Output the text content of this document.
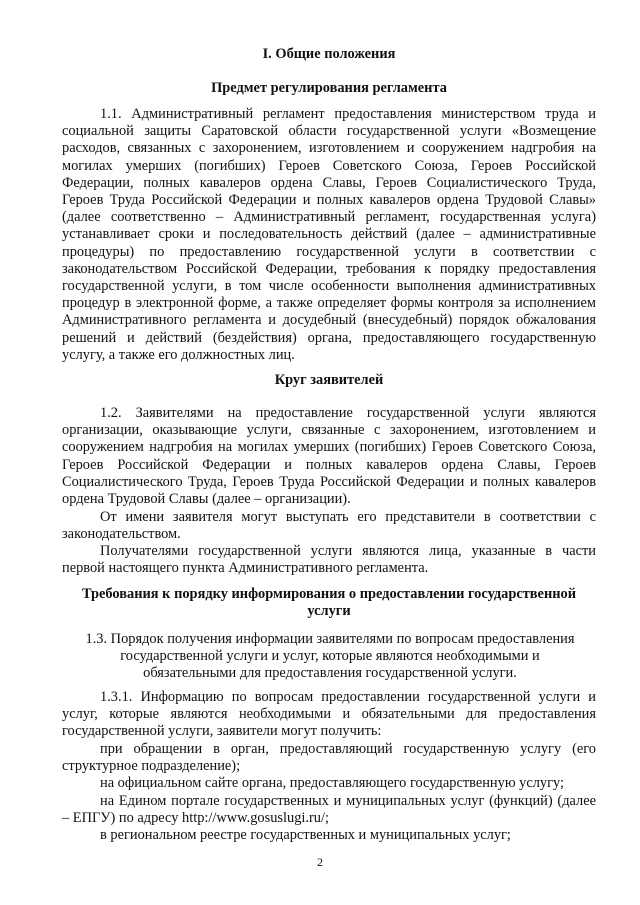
I. Общие положения

Предмет регулирования регламента

1.1. Административный регламент предоставления министерством труда и социальной защиты Саратовской области государственной услуги «Возмещение расходов, связанных с захоронением, изготовлением и сооружением надгробия на могилах умерших (погибших) Героев Советского Союза, Героев Российской Федерации, полных кавалеров ордена Славы, Героев Социалистического Труда, Героев Труда Российской Федерации и полных кавалеров ордена Трудовой Славы» (далее соответственно – Административный регламент, государственная услуга) устанавливает сроки и последовательность действий (далее – административные процедуры) по предоставлению государственной услуги в соответствии с законодательством Российской Федерации, требования к порядку предоставления государственной услуги, в том числе особенности выполнения административных процедур в электронной форме, а также определяет формы контроля за исполнением Административного регламента и досудебный (внесудебный) порядок обжалования решений и действий (бездействия) органа, предоставляющего государственную услугу, а также его должностных лиц.

Круг заявителей

1.2. Заявителями на предоставление государственной услуги являются организации, оказывающие услуги, связанные с захоронением, изготовлением и сооружением надгробия на могилах умерших (погибших) Героев Советского Союза, Героев Российской Федерации и полных кавалеров ордена Славы, Героев Социалистического Труда, Героев Труда Российской Федерации и полных кавалеров ордена Трудовой Славы (далее – организации).

От имени заявителя могут выступать его представители в соответствии с законодательством.

Получателями государственной услуги являются лица, указанные в части первой настоящего пункта Административного регламента.

Требования к порядку информирования о предоставлении государственной услуги

1.3. Порядок получения информации заявителями по вопросам предоставления государственной услуги и услуг, которые являются необходимыми и обязательными для предоставления государственной услуги.

1.3.1. Информацию по вопросам предоставлении государственной услуги и услуг, которые являются необходимыми и обязательными для предоставления государственной услуги, заявители могут получить:

при обращении в орган, предоставляющий государственную услугу (его структурное подразделение);

на официальном сайте органа, предоставляющего государственную услугу;

на Едином портале государственных и муниципальных услуг (функций) (далее – ЕПГУ) по адресу http://www.gosuslugi.ru/;

в региональном реестре государственных и муниципальных услуг;

2
